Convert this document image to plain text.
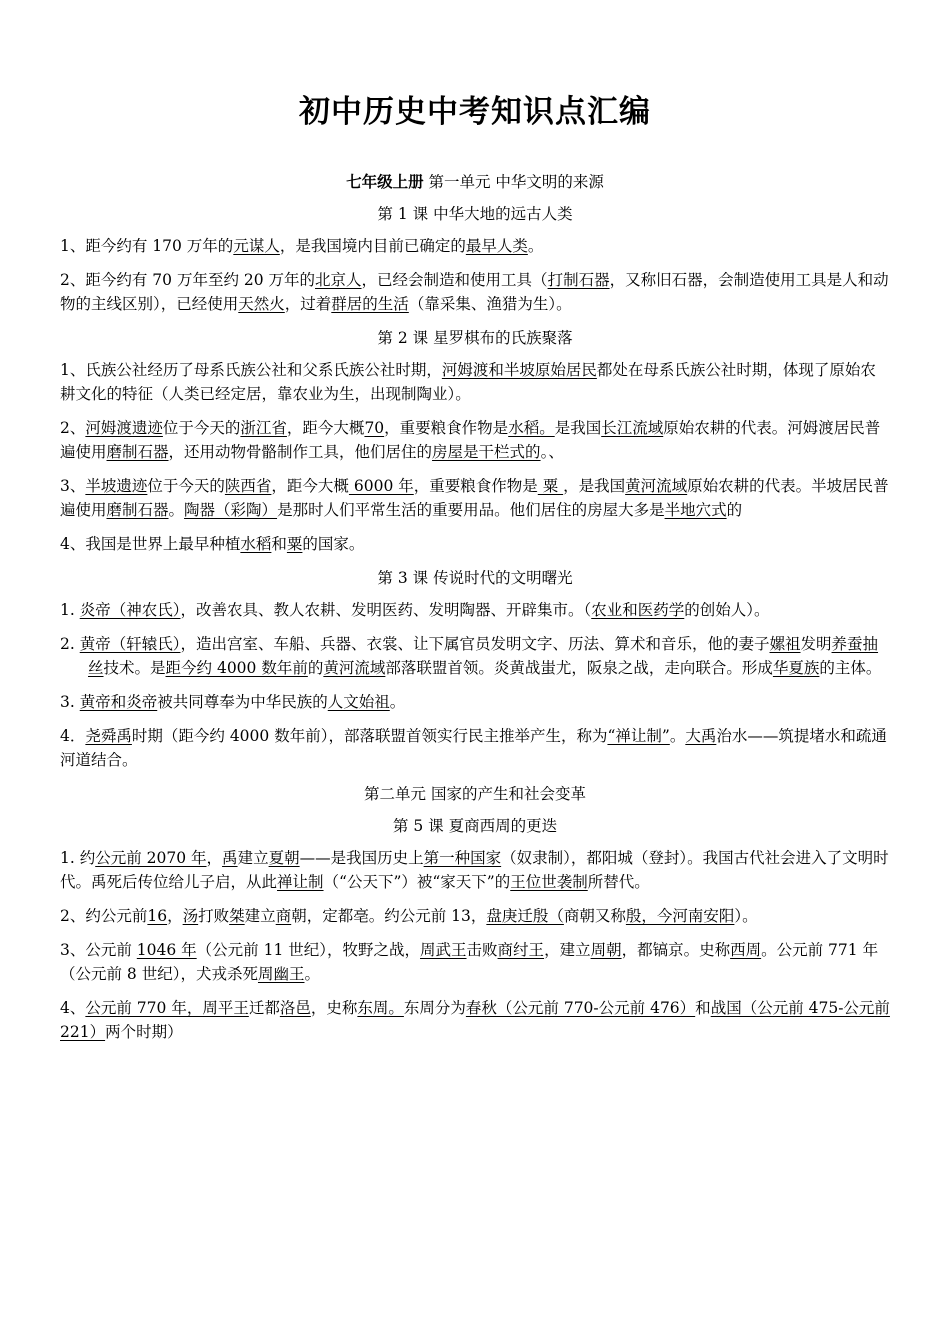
初中历史中考知识点汇编
七年级上册 第一单元 中华文明的来源
第 1 课 中华大地的远古人类

1、距今约有 170 万年的元谋人，是我国境内目前已确定的最早人类。

2、距今约有 70 万年至约 20 万年的北京人，已经会制造和使用工具（打制石器，又称旧石器，会制造使用工具是人和动物的主线区别），已经使用天然火，过着群居的生活（靠采集、渔猎为生）。

第 2 课 星罗棋布的氏族聚落

1、氏族公社经历了母系氏族公社和父系氏族公社时期，河姆渡和半坡原始居民都处在母系氏族公社时期，体现了原始农耕文化的特征（人类已经定居，靠农业为生，出现制陶业）。

2、河姆渡遗迹位于今天的浙江省，距今大概70，重要粮食作物是水稻。是我国长江流域原始农耕的代表。河姆渡居民普遍使用磨制石器，还用动物骨骼制作工具，他们居住的房屋是干栏式的。、

3、半坡遗迹位于今天的陕西省，距今大概 6000 年，重要粮食作物是 粟 ，是我国黄河流域原始农耕的代表。半坡居民普遍使用磨制石器。陶器（彩陶）是那时人们平常生活的重要用品。他们居住的房屋大多是半地穴式的

4、我国是世界上最早种植水稻和粟的国家。

第 3 课 传说时代的文明曙光

1. 炎帝（神农氏），改善农具、教人农耕、发明医药、发明陶器、开辟集市。（农业和医药学的创始人）。

2. 黄帝（轩辕氏），造出宫室、车船、兵器、衣裳、让下属官员发明文字、历法、算术和音乐，他的妻子嫘祖发明养蚕抽丝技术。是距今约 4000 数年前的黄河流域部落联盟首领。炎黄战蚩尤，阪泉之战，走向联合。形成华夏族的主体。

3. 黄帝和炎帝被共同尊奉为中华民族的人文始祖。

4．尧舜禹时期（距今约 4000 数年前），部落联盟首领实行民主推举产生，称为“禅让制”。大禹治水——筑提堵水和疏通河道结合。

第二单元 国家的产生和社会变革
第 5 课 夏商西周的更迭

1. 约公元前 2070 年，禹建立夏朝——是我国历史上第一种国家（奴隶制），都阳城（登封）。我国古代社会进入了文明时代。禹死后传位给儿子启，从此禅让制（“公天下”）被“家天下”的王位世袭制所替代。

2、约公元前16，汤打败桀建立商朝，定都亳。约公元前 13，盘庚迁殷（商朝又称殷，今河南安阳）。

3、公元前 1046 年（公元前 11 世纪），牧野之战，周武王击败商纣王，建立周朝，都镐京。史称西周。公元前 771 年（公元前 8 世纪），犬戎杀死周幽王。

4、公元前 770 年，周平王迁都洛邑，史称东周。东周分为春秋（公元前 770-公元前 476）和战国（公元前 475-公元前 221）两个时期）
